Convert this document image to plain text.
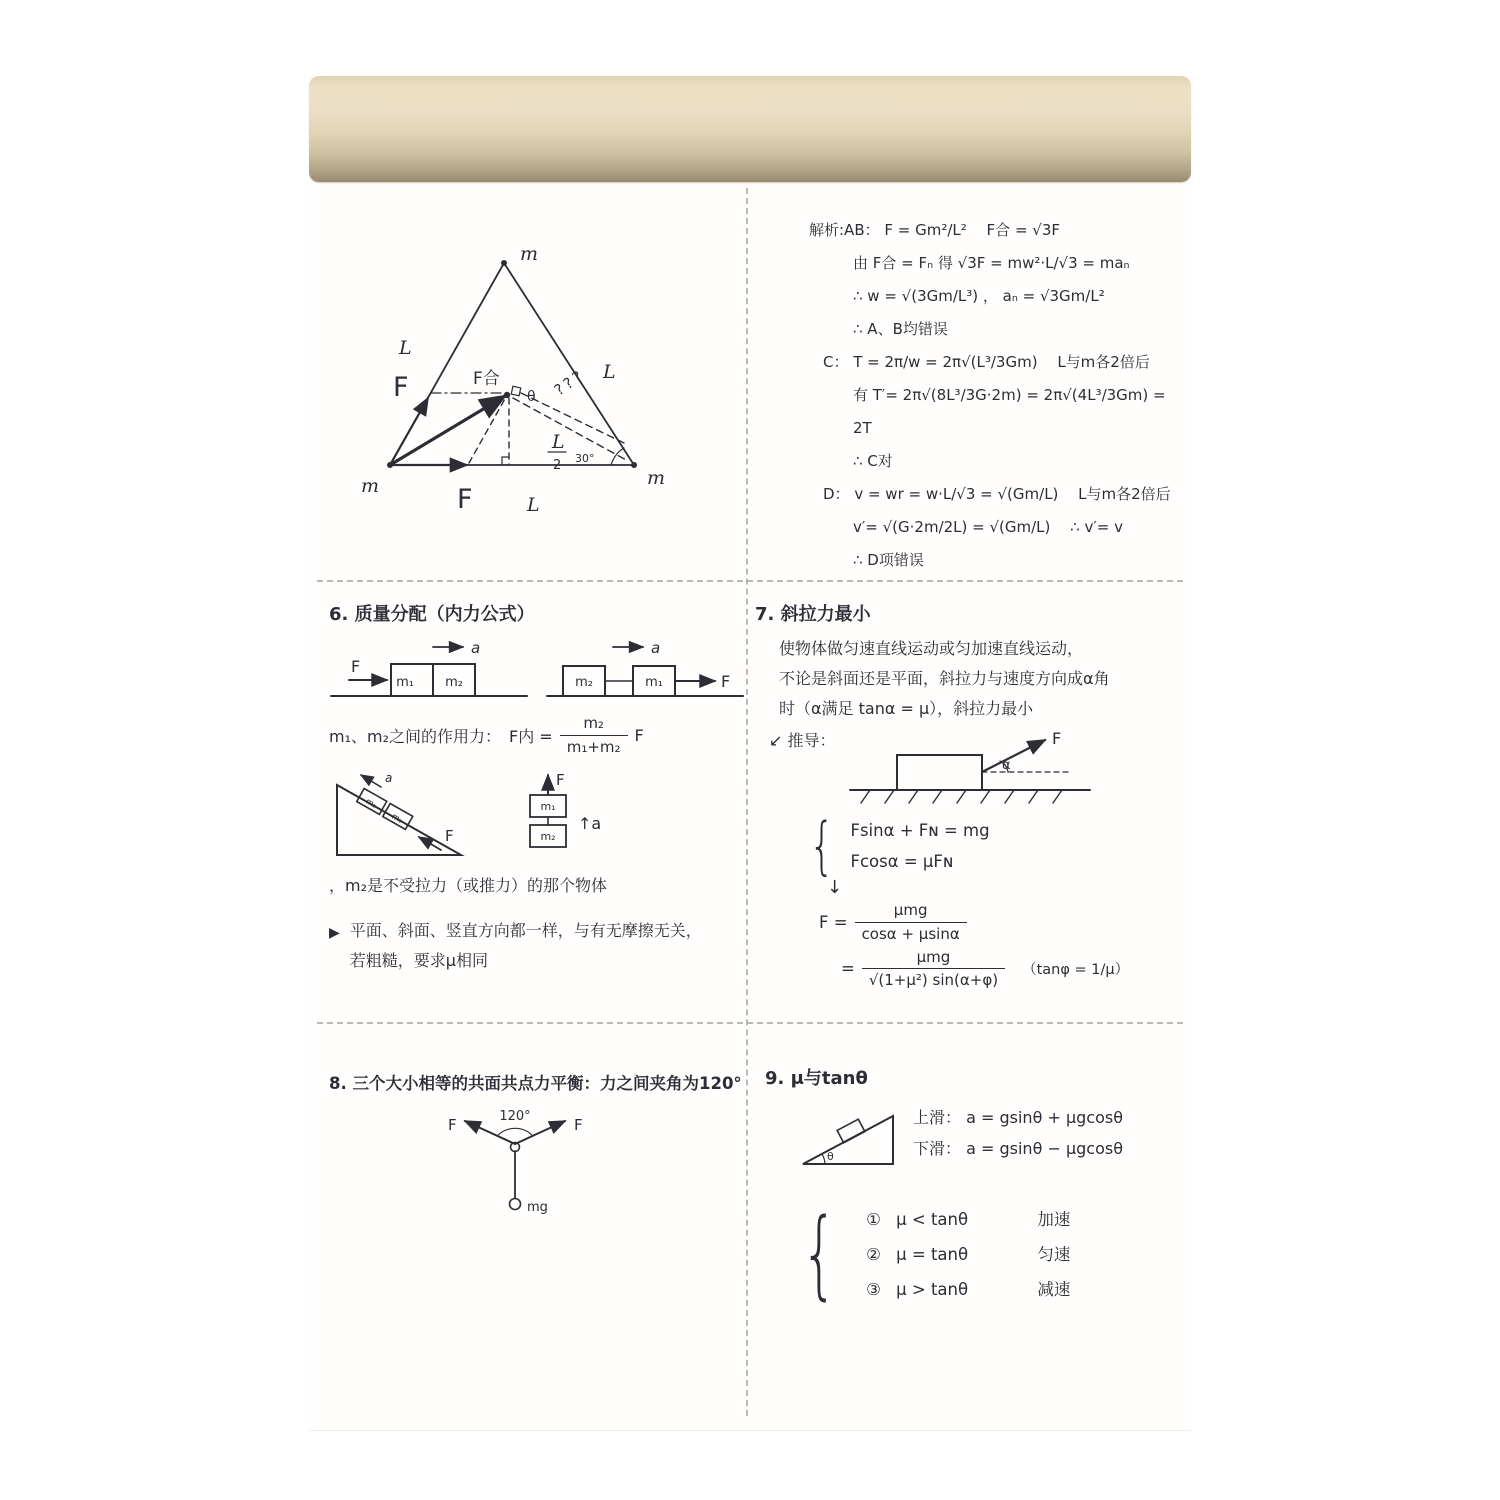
m
m	m
L
L
L
F
F
F合
θ ???
30°
L
2
解析:AB： F = Gm²/L²　 F合 = √3F
由 F合 = Fₙ 得 √3F = mw²·L/√3 = maₙ
∴ w = √(3Gm/L³) ， aₙ = √3Gm/L²
∴ A、B均错误
C： T = 2π/w = 2π√(L³/3Gm)　 L与m各2倍后
有 T′= 2π√(8L³/3G·2m) = 2π√(4L³/3Gm) = 2T
∴ C对
D： v = wr = w·L/√3 = √(Gm/L)　 L与m各2倍后
v′= √(G·2m/2L) = √(Gm/L)　 ∴ v′= v
∴ D项错误
6. 质量分配（内力公式）
m₁ m₂
F
a
m₂	m₁	F
a
m₁、m₂之间的作用力： F内 = $\frac{\text{m₂}}{\text{m₁+m₂}}$ F
m₂
m₁
F
a
m₁
m₂
F
↑a
，m₂是不受拉力（或推力）的那个物体
▶ 平面、斜面、竖直方向都一样，与有无摩擦无关，
若粗糙，要求μ相同
7. 斜拉力最小
使物体做匀速直线运动或匀加速直线运动，
不论是斜面还是平面，斜拉力与速度方向成α角
时（α满足 tanα = μ），斜拉力最小
↙ 推导：	F
α
{ Fsinα + Fɴ = mg
Fcosα = μFɴ
↓
$F = \frac{\text{μmg}}{\cos\alpha + \mu\sin\alpha}$
= $\frac{\text{μmg}}{\text{√(1+μ²) sin(α+φ)}} (\tan\varphi = 1/\mu)$
8. 三个大小相等的共面共点力平衡：力之间夹角为120°
F	F
120°
mg
9. μ与tanθ
θ
上滑： a = gsinθ + μgcosθ
下滑： a = gsinθ − μgcosθ
{ ① μ < tanθ	加速
② μ = tanθ	匀速
③ μ > tanθ	减速
